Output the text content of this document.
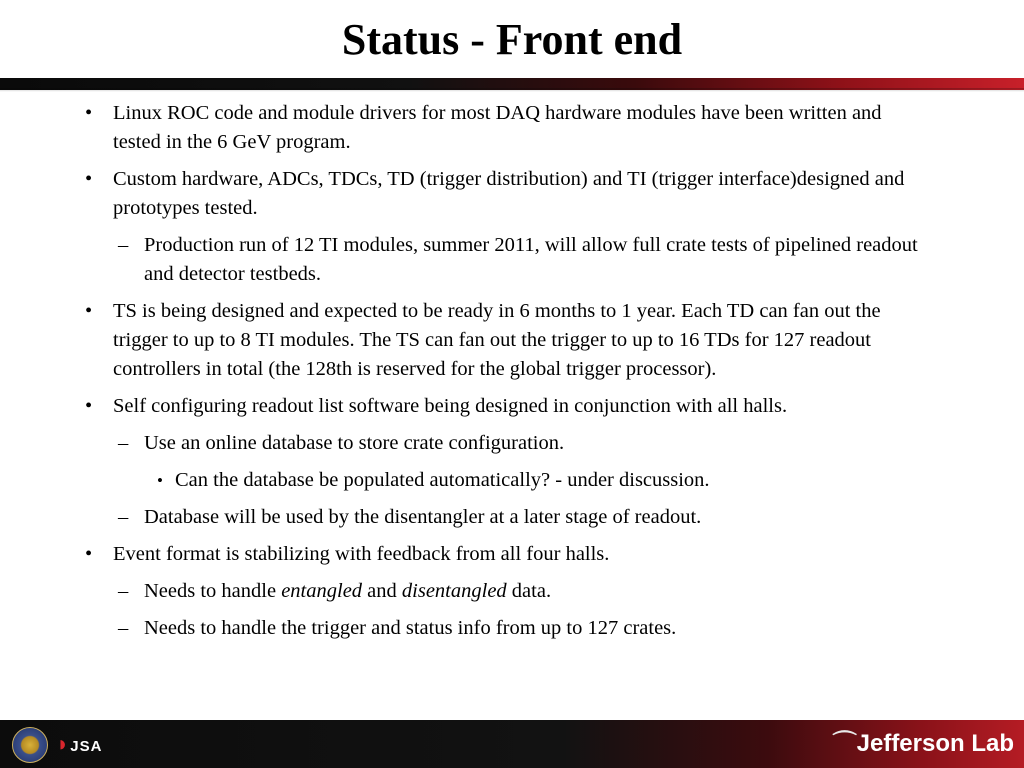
Status - Front end
• Linux ROC code and module drivers for most DAQ hardware modules have been written and tested in the 6 GeV program.
• Custom hardware, ADCs, TDCs, TD (trigger distribution) and TI (trigger interface)designed and prototypes tested.
– Production run of 12 TI modules, summer 2011, will allow full crate tests of pipelined readout and detector testbeds.
• TS is being designed and expected to be ready in 6 months to 1 year. Each TD can fan out the trigger to up to 8 TI modules. The TS can fan out the trigger to up to 16 TDs for 127 readout controllers in total (the 128th is reserved for the global trigger processor).
• Self configuring readout list software being designed in conjunction with all halls.
– Use an online database to store crate configuration.
• Can the database be populated automatically? - under discussion.
– Database will be used by the disentangler at a later stage of readout.
• Event format is stabilizing with feedback from all four halls.
– Needs to handle entangled and disentangled data.
– Needs to handle the trigger and status info from up to 127 crates.
◗JSA	⌒Jefferson Lab
